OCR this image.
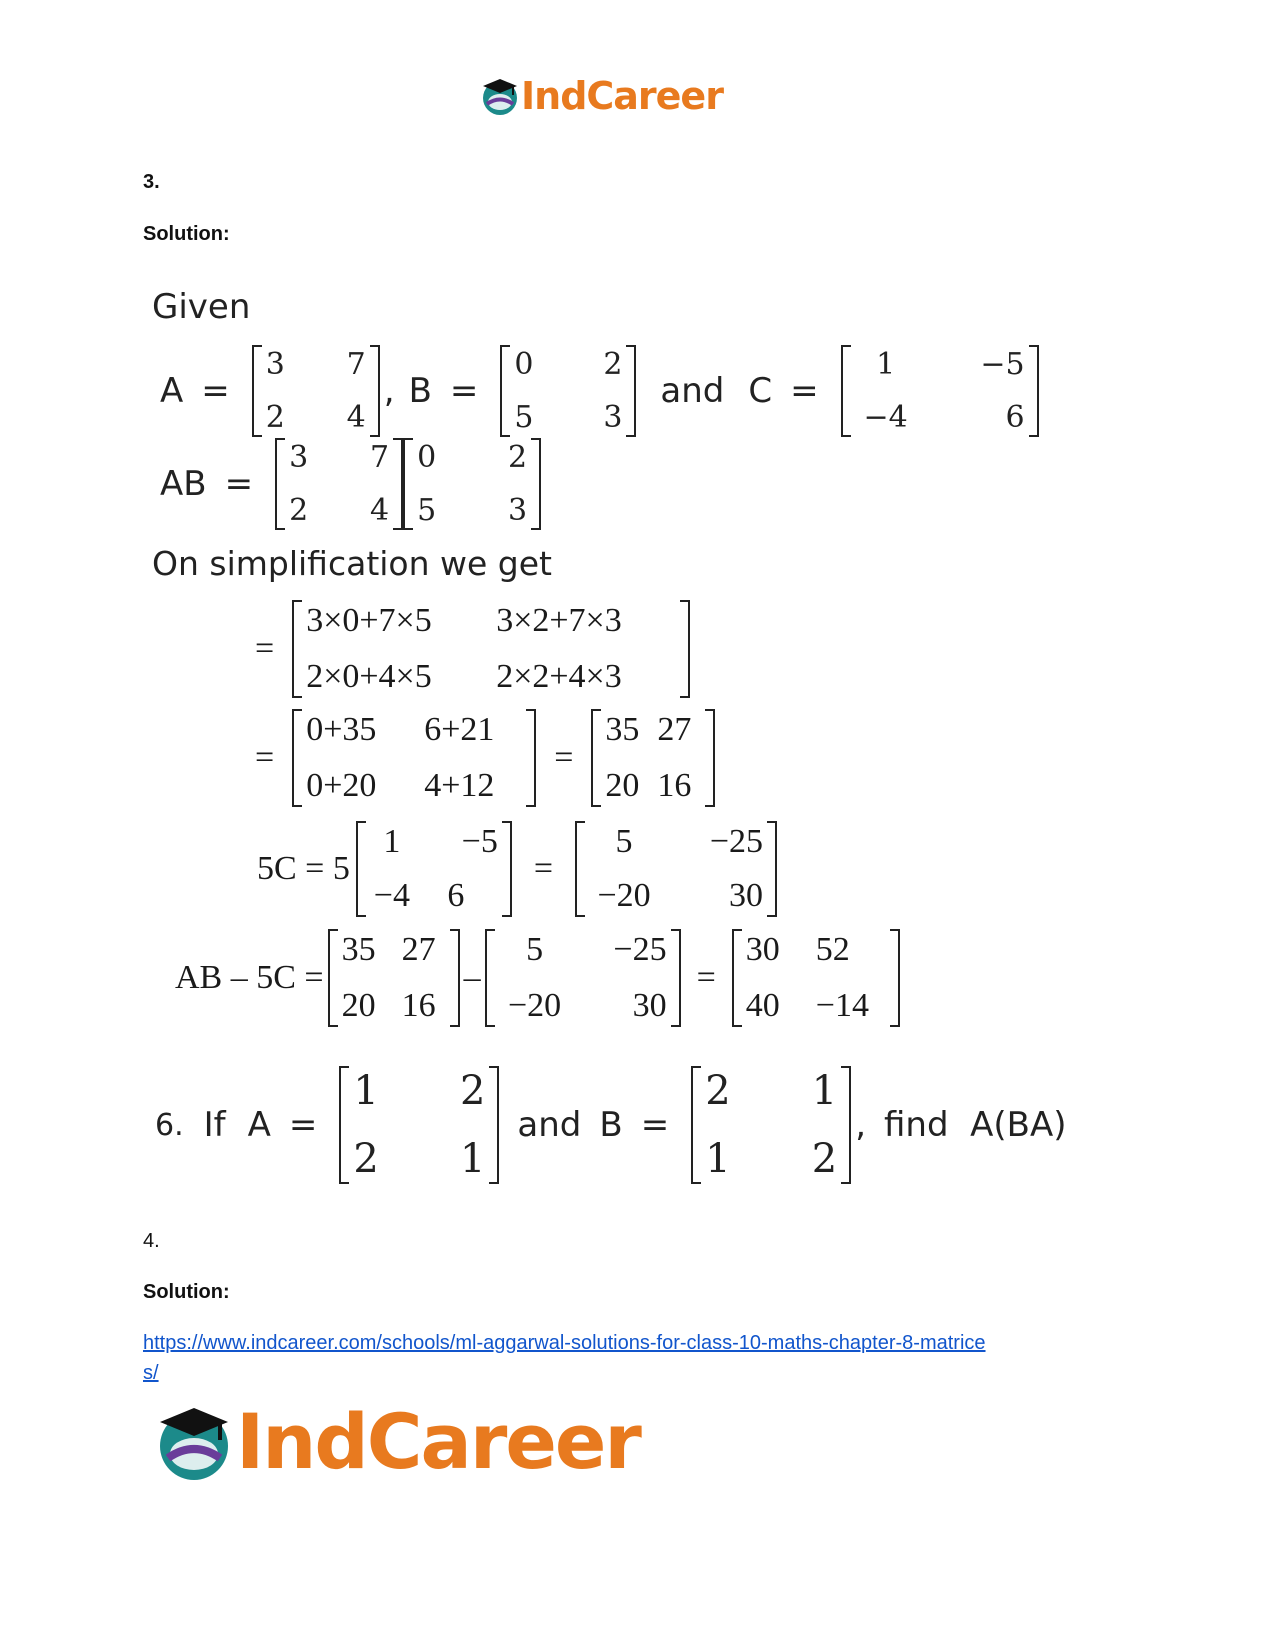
IndCareer
3.
Solution:
Given
A =
3	7
2	4
, B =
0	2
5	3
and C =
1	−5
−4	6
AB =
3	7
2	4
0	2
5	3
On simplification we get
=
3×0+7×5	3×2+7×3
2×0+4×5	2×2+4×3
=
0+35	6+21
0+20	4+12
=
35 27
20 16
5C = 5
1	−5
−4	6
=
5	−25
−20	30
AB – 5C =
35 27
20 16
–
5	−25
−20	30
=
30	52
40	−14
6. If A =
1	2
2	1
and B =
2	1
1	2
, find  A(BA)
4.
Solution:
https://www.indcareer.com/schools/ml-aggarwal-solutions-for-class-10-maths-chapter-8-matrice
s/
IndCareer
